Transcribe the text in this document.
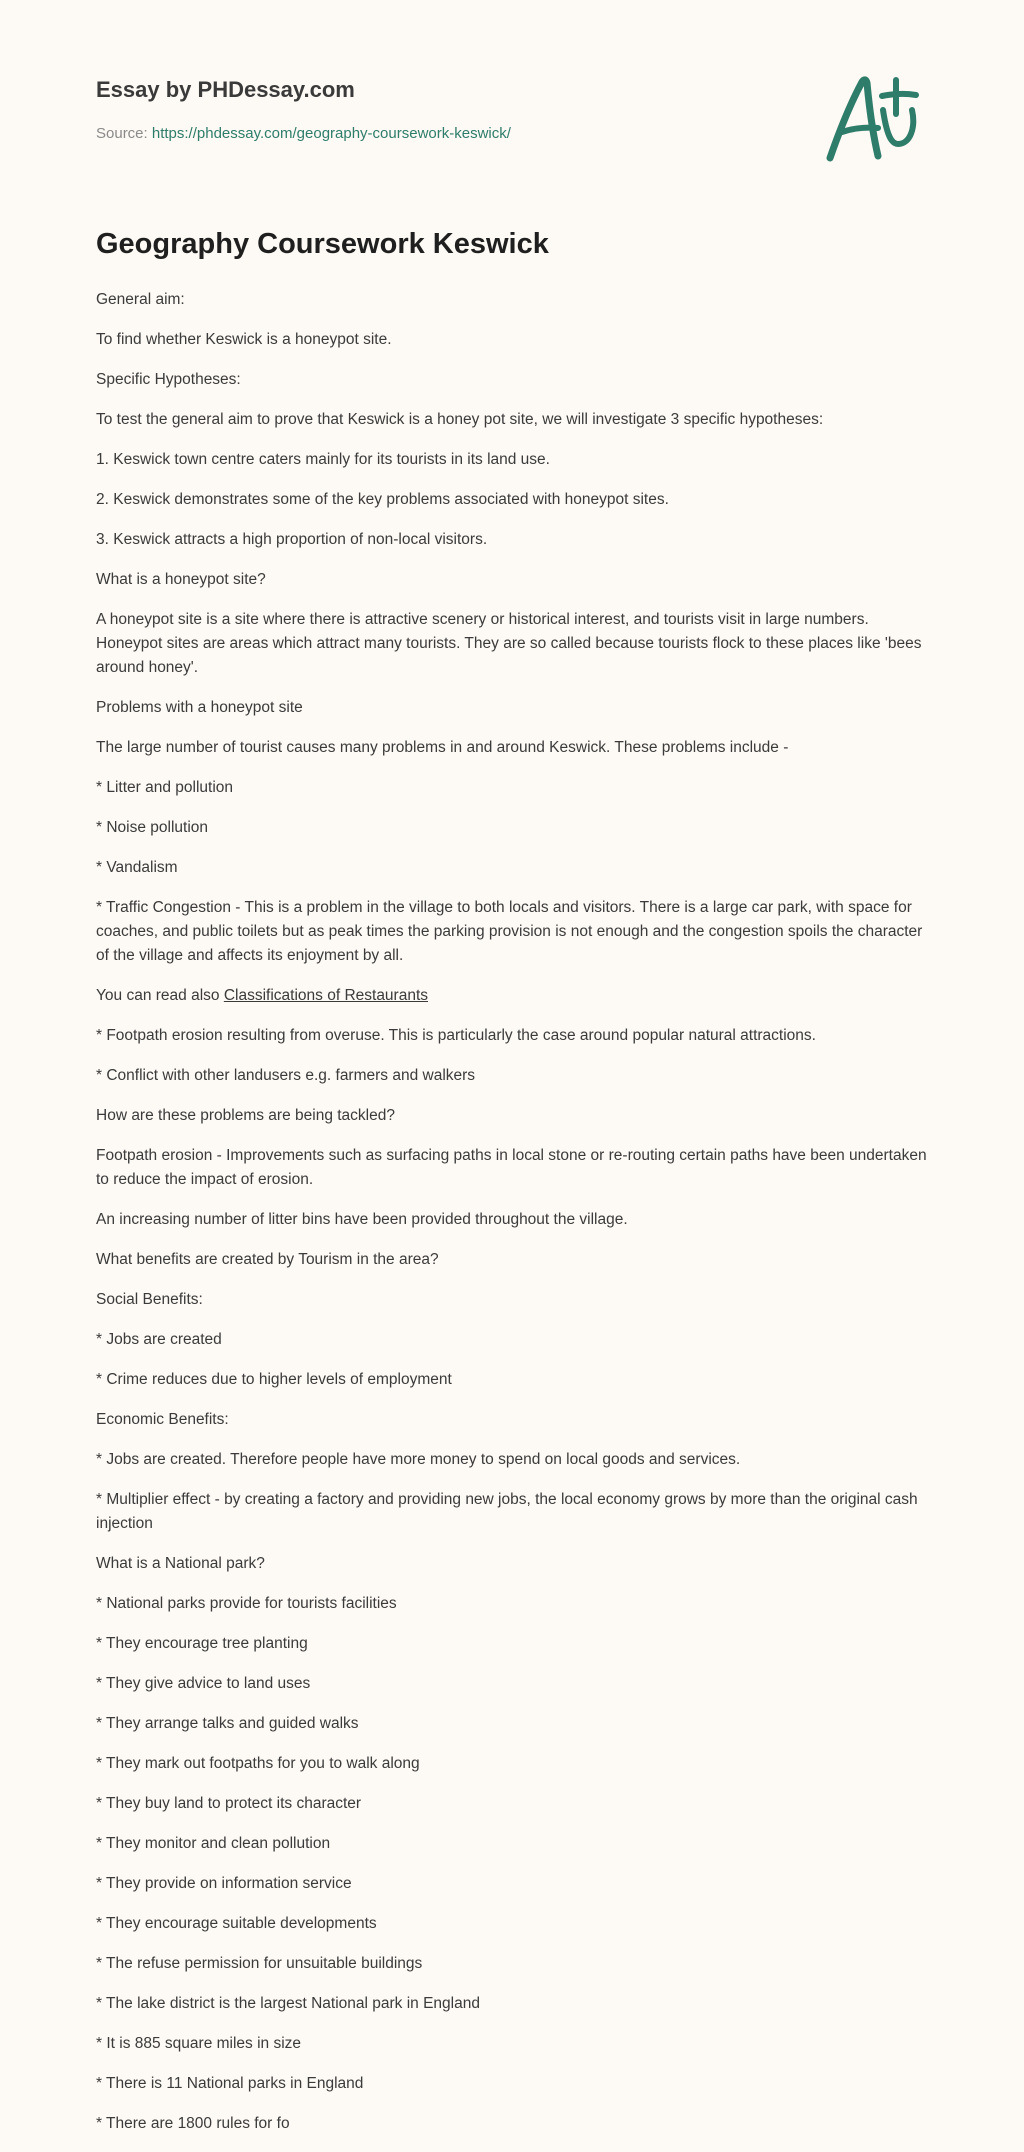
Essay by PHDessay.com
Source: https://phdessay.com/geography-coursework-keswick/
Geography Coursework Keswick

General aim:

To find whether Keswick is a honeypot site.

Specific Hypotheses:

To test the general aim to prove that Keswick is a honey pot site, we will investigate 3 specific hypotheses:

1. Keswick town centre caters mainly for its tourists in its land use.

2. Keswick demonstrates some of the key problems associated with honeypot sites.

3. Keswick attracts a high proportion of non-local visitors.

What is a honeypot site?

A honeypot site is a site where there is attractive scenery or historical interest, and tourists visit in large numbers. Honeypot sites are areas which attract many tourists. They are so called because tourists flock to these places like 'bees around honey'.

Problems with a honeypot site

The large number of tourist causes many problems in and around Keswick. These problems include -

* Litter and pollution

* Noise pollution

* Vandalism

* Traffic Congestion - This is a problem in the village to both locals and visitors. There is a large car park, with space for coaches, and public toilets but as peak times the parking provision is not enough and the congestion spoils the character of the village and affects its enjoyment by all.

You can read also Classifications of Restaurants

* Footpath erosion resulting from overuse. This is particularly the case around popular natural attractions.

* Conflict with other landusers e.g. farmers and walkers

How are these problems are being tackled?

Footpath erosion - Improvements such as surfacing paths in local stone or re-routing certain paths have been undertaken to reduce the impact of erosion.

An increasing number of litter bins have been provided throughout the village.

What benefits are created by Tourism in the area?

Social Benefits:

* Jobs are created

* Crime reduces due to higher levels of employment

Economic Benefits:

* Jobs are created. Therefore people have more money to spend on local goods and services.

* Multiplier effect - by creating a factory and providing new jobs, the local economy grows by more than the original cash injection

What is a National park?

* National parks provide for tourists facilities

* They encourage tree planting

* They give advice to land uses

* They arrange talks and guided walks

* They mark out footpaths for you to walk along

* They buy land to protect its character

* They monitor and clean pollution

* They provide on information service

* They encourage suitable developments

* The refuse permission for unsuitable buildings

* The lake district is the largest National park in England

* It is 885 square miles in size

* There is 11 National parks in England

* There are 1800 rules for fo
